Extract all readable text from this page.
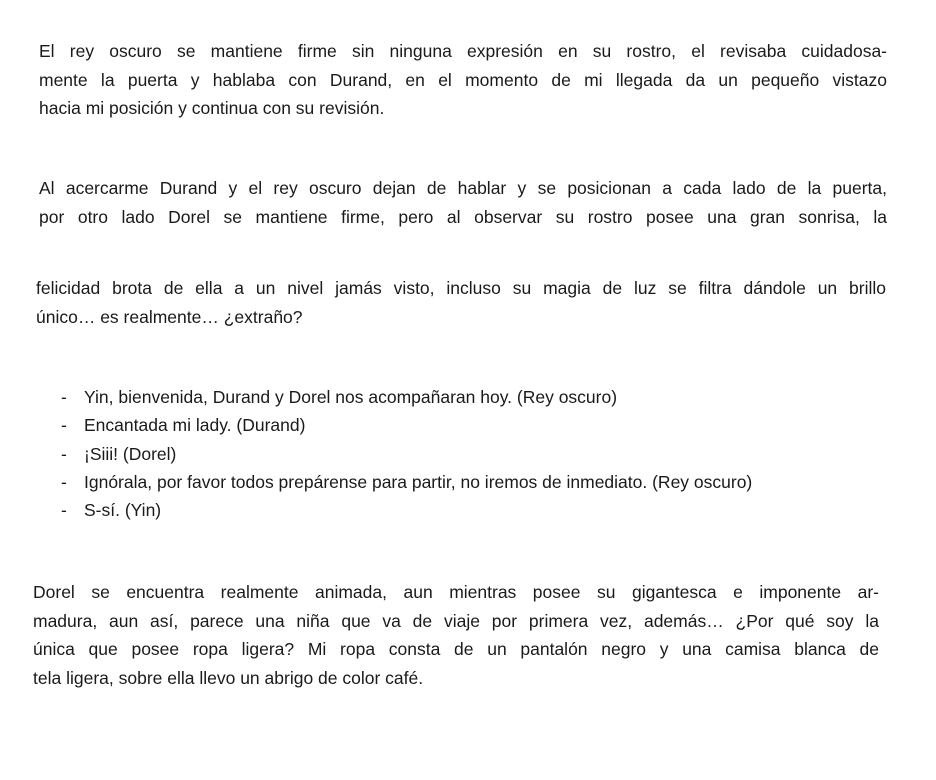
El rey oscuro se mantiene firme sin ninguna expresión en su rostro, el revisaba cuidadosa-
mente la puerta y hablaba con Durand, en el momento de mi llegada da un pequeño vistazo
hacia mi posición y continua con su revisión.
Al acercarme Durand y el rey oscuro dejan de hablar y se posicionan a cada lado de la puerta,
por otro lado Dorel se mantiene firme, pero al observar su rostro posee una gran sonrisa, la
felicidad brota de ella a un nivel jamás visto, incluso su magia de luz se filtra dándole un brillo
único… es realmente… ¿extraño?
- Yin, bienvenida, Durand y Dorel nos acompañaran hoy. (Rey oscuro)
- Encantada mi lady. (Durand)
- ¡Siii! (Dorel)
- Ignórala, por favor todos prepárense para partir, no iremos de inmediato. (Rey oscuro)
- S-sí. (Yin)
Dorel se encuentra realmente animada, aun mientras posee su gigantesca e imponente ar-
madura, aun así, parece una niña que va de viaje por primera vez, además… ¿Por qué soy la
única que posee ropa ligera? Mi ropa consta de un pantalón negro y una camisa blanca de
tela ligera, sobre ella llevo un abrigo de color café.
